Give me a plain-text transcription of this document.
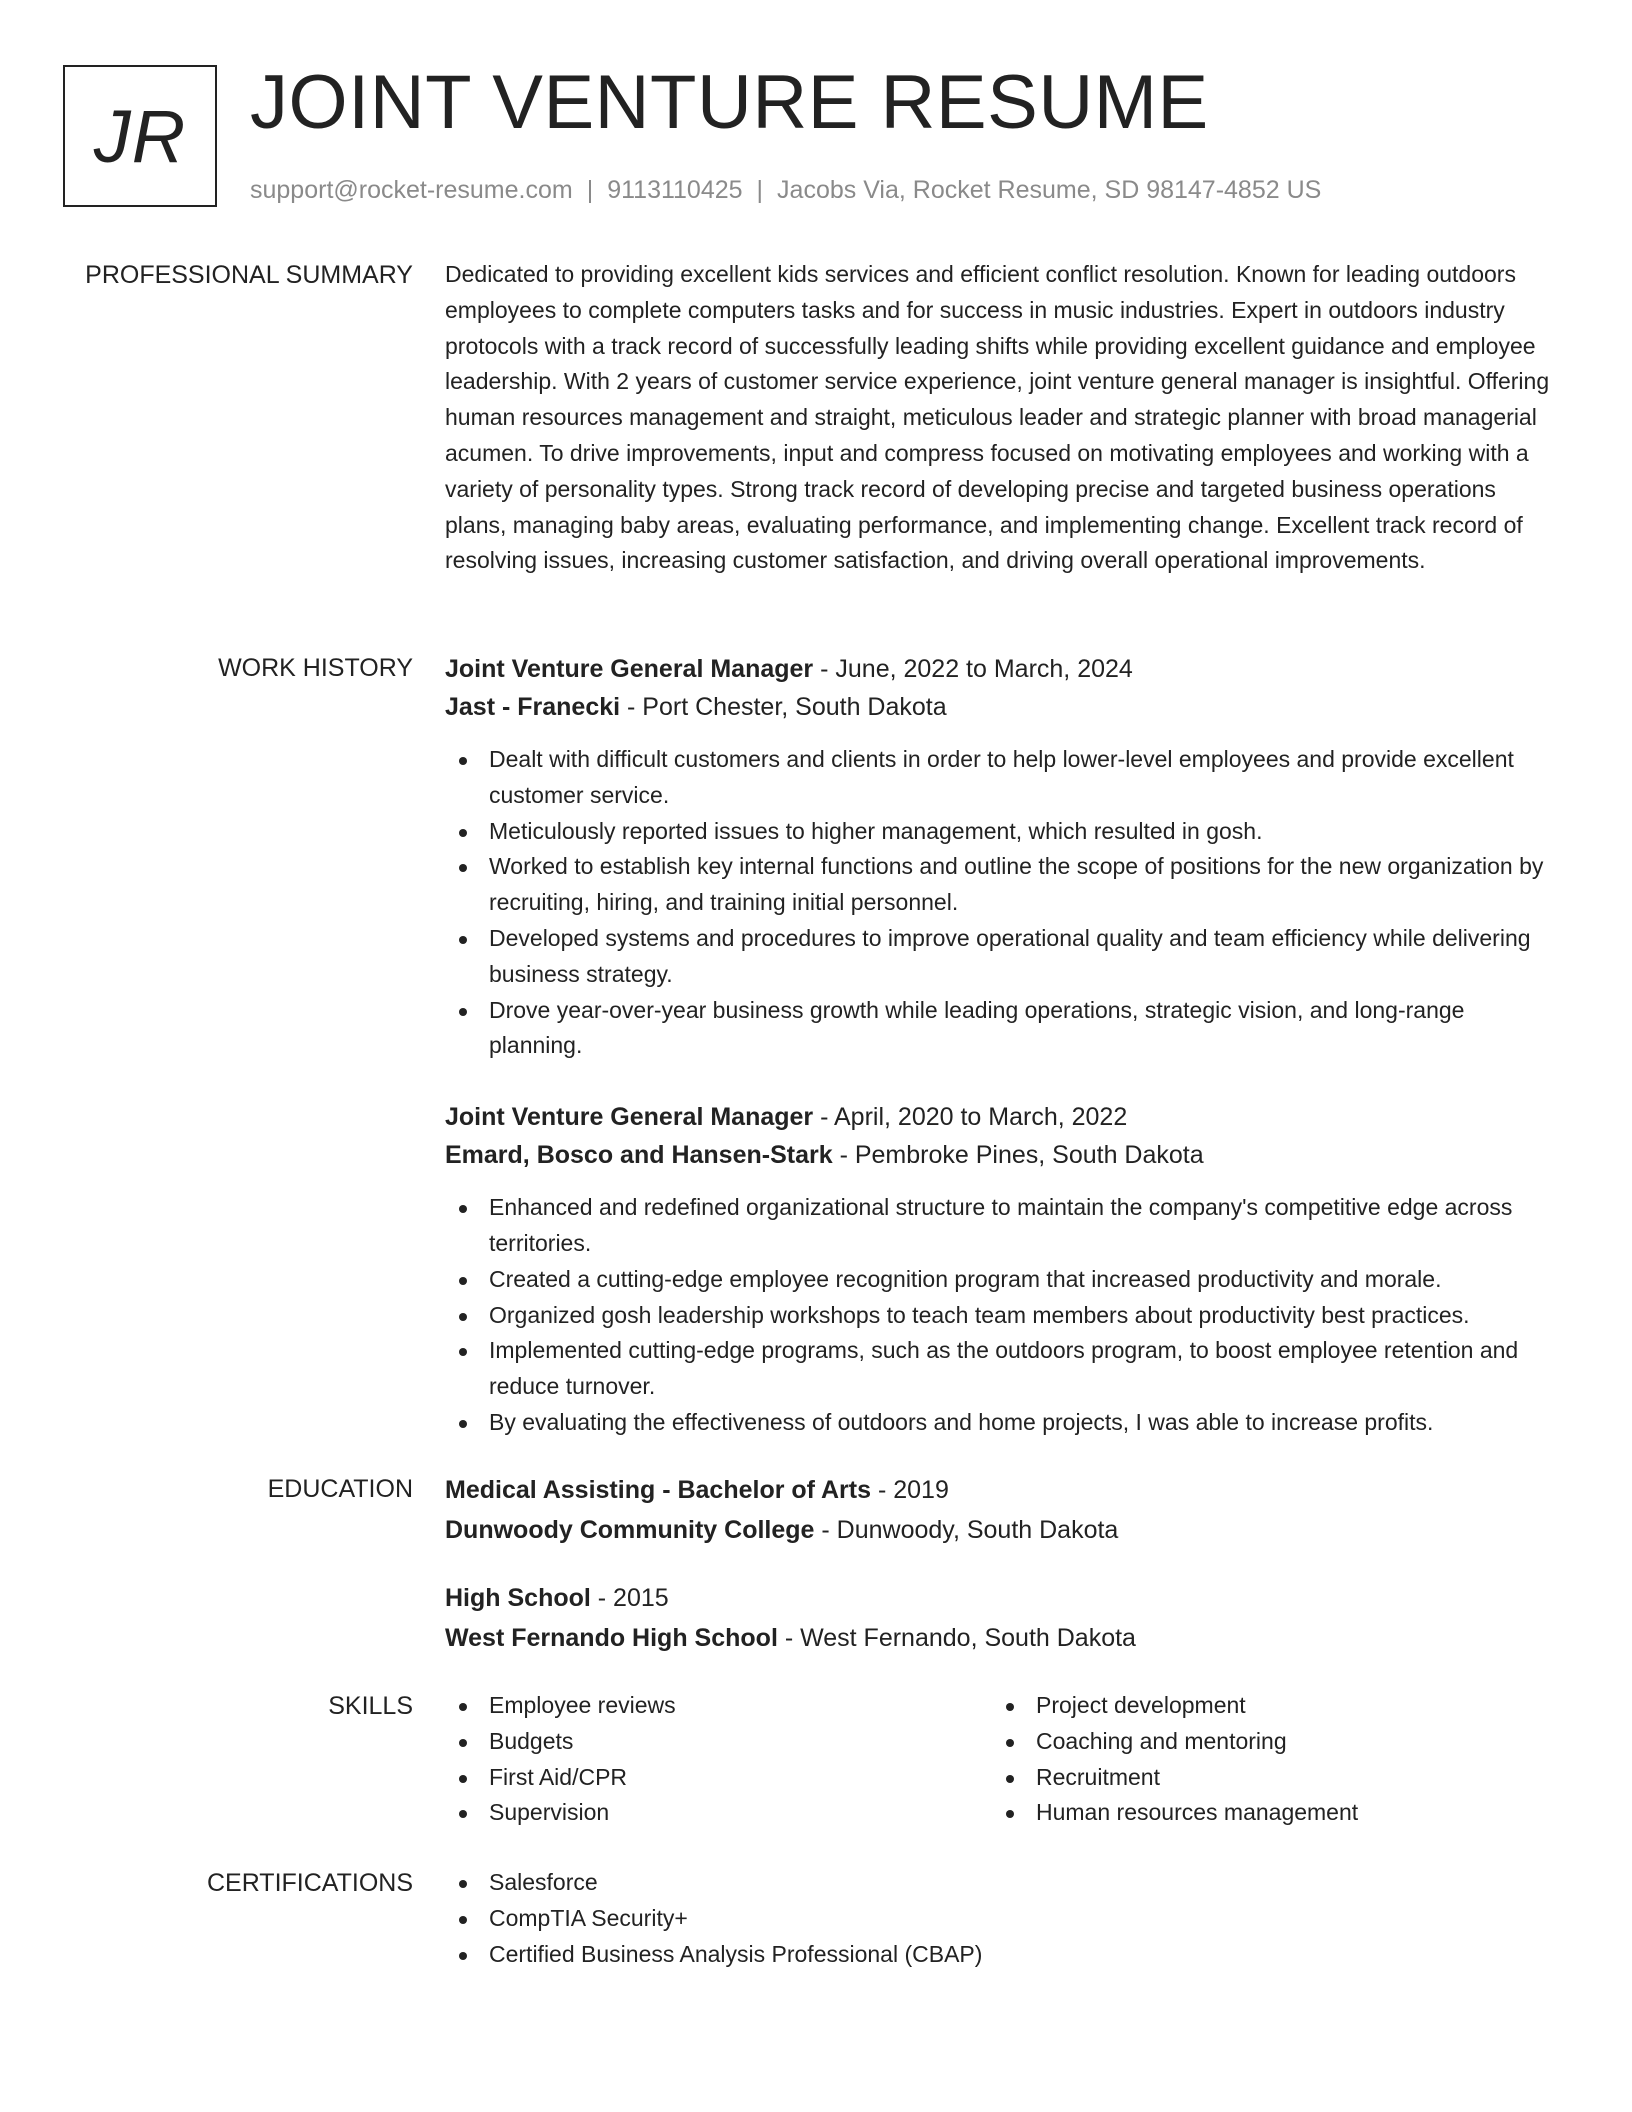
JR JOINT VENTURE RESUME
support@rocket-resume.com | 9113110425 | Jacobs Via, Rocket Resume, SD 98147-4852 US
PROFESSIONAL SUMMARY Dedicated to providing excellent kids services and efficient conflict resolution. Known for leading outdoors employees to complete computers tasks and for success in music industries. Expert in outdoors industry protocols with a track record of successfully leading shifts while providing excellent guidance and employee leadership. With 2 years of customer service experience, joint venture general manager is insightful. Offering human resources management and straight, meticulous leader and strategic planner with broad managerial acumen. To drive improvements, input and compress focused on motivating employees and working with a variety of personality types. Strong track record of developing precise and targeted business operations plans, managing baby areas, evaluating performance, and implementing change. Excellent track record of resolving issues, increasing customer satisfaction, and driving overall operational improvements.

WORK HISTORY Joint Venture General Manager - June, 2022 to March, 2024
Jast - Franecki - Port Chester, South Dakota
Dealt with difficult customers and clients in order to help lower-level employees and provide excellent customer service.
Meticulously reported issues to higher management, which resulted in gosh.
Worked to establish key internal functions and outline the scope of positions for the new organization by recruiting, hiring, and training initial personnel.
Developed systems and procedures to improve operational quality and team efficiency while delivering business strategy.
Drove year-over-year business growth while leading operations, strategic vision, and long-range planning.
Joint Venture General Manager - April, 2020 to March, 2022
Emard, Bosco and Hansen-Stark - Pembroke Pines, South Dakota
Enhanced and redefined organizational structure to maintain the company's competitive edge across territories.
Created a cutting-edge employee recognition program that increased productivity and morale.
Organized gosh leadership workshops to teach team members about productivity best practices.
Implemented cutting-edge programs, such as the outdoors program, to boost employee retention and reduce turnover.
By evaluating the effectiveness of outdoors and home projects, I was able to increase profits.
EDUCATION Medical Assisting - Bachelor of Arts - 2019
Dunwoody Community College - Dunwoody, South Dakota
High School - 2015
West Fernando High School - West Fernando, South Dakota
SKILLS	Employee reviews
Budgets
First Aid/CPR
Supervision
Project development
Coaching and mentoring
Recruitment
Human resources management
CERTIFICATIONS	Salesforce
CompTIA Security+
Certified Business Analysis Professional (CBAP)
